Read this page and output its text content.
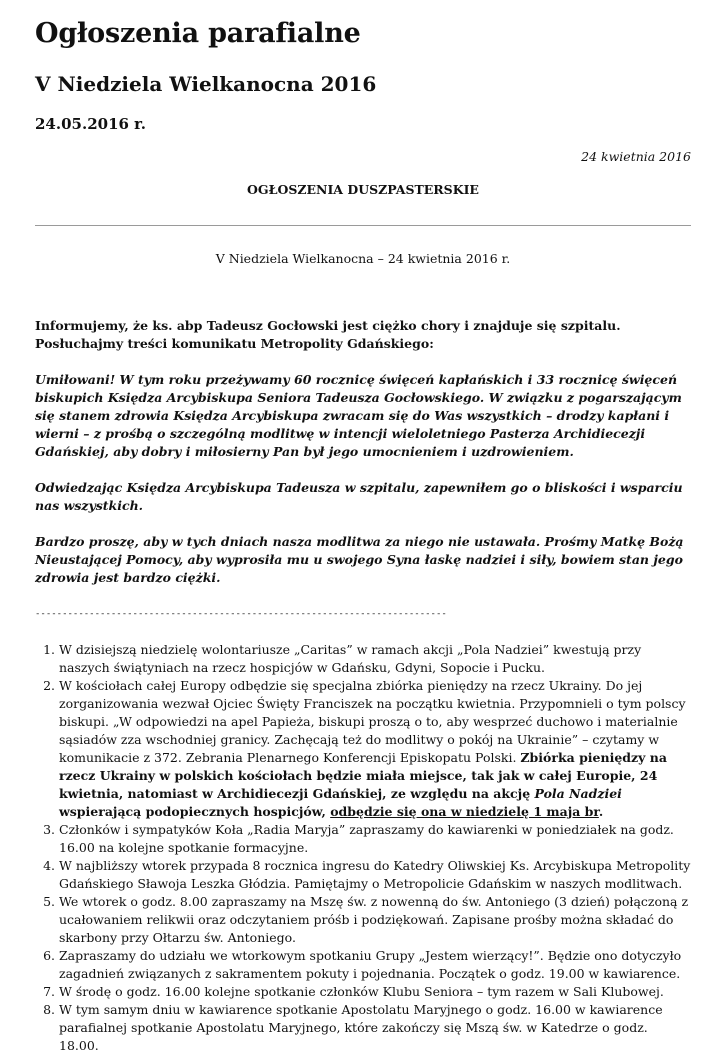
Ogłoszenia parafialne
V Niedziela Wielkanocna 2016
24.05.2016 r.
24 kwietnia 2016
OGŁOSZENIA DUSZPASTERSKIE
V Niedziela Wielkanocna – 24 kwietnia 2016 r.

Informujemy, że ks. abp Tadeusz Gocłowski jest ciężko chory i znajduje się szpitalu. Posłuchajmy treści komunikatu Metropolity Gdańskiego:

Umiłowani! W tym roku przeżywamy 60 rocznicę święceń kapłańskich i 33 rocznicę święceń biskupich Księdza Arcybiskupa Seniora Tadeusza Gocłowskiego. W związku z pogarszającym się stanem zdrowia Księdza Arcybiskupa zwracam się do Was wszystkich – drodzy kapłani i wierni – z prośbą o szczególną modlitwę w intencji wieloletniego Pasterza Archidiecezji Gdańskiej, aby dobry i miłosierny Pan był jego umocnieniem i uzdrowieniem.

Odwiedzając Księdza Arcybiskupa Tadeusza w szpitalu, zapewniłem go o bliskości i wsparciu nas wszystkich.

Bardzo proszę, aby w tych dniach nasza modlitwa za niego nie ustawała. Prośmy Matkę Bożą Nieustającej Pomocy, aby wyprosiła mu u swojego Syna łaskę nadziei i siły, bowiem stan jego zdrowia jest bardzo ciężki.

----------------------------------------------------------------------------

1. W dzisiejszą niedzielę wolontariusze „Caritas” w ramach akcji „Pola Nadziei” kwestują przy naszych świątyniach na rzecz hospicjów w Gdańsku, Gdyni, Sopocie i Pucku.
2. W kościołach całej Europy odbędzie się specjalna zbiórka pieniędzy na rzecz Ukrainy. Do jej zorganizowania wezwał Ojciec Święty Franciszek na początku kwietnia. Przypomnieli o tym polscy biskupi. „W odpowiedzi na apel Papieża, biskupi proszą o to, aby wesprzeć duchowo i materialnie sąsiadów zza wschodniej granicy. Zachęcają też do modlitwy o pokój na Ukrainie” – czytamy w komunikacie z 372. Zebrania Plenarnego Konferencji Episkopatu Polski. Zbiórka pieniędzy na rzecz Ukrainy w polskich kościołach będzie miała miejsce, tak jak w całej Europie, 24 kwietnia, natomiast w Archidiecezji Gdańskiej, ze względu na akcję Pola Nadziei wspierającą podopiecznych hospicjów, odbędzie się ona w niedzielę 1 maja br.
3. Członków i sympatyków Koła „Radia Maryja” zapraszamy do kawiarenki w poniedziałek na godz. 16.00 na kolejne spotkanie formacyjne.
4. W najbliższy wtorek przypada 8 rocznica ingresu do Katedry Oliwskiej Ks. Arcybiskupa Metropolity Gdańskiego Sławoja Leszka Głódzia. Pamiętajmy o Metropolicie Gdańskim w naszych modlitwach.
5. We wtorek o godz. 8.00 zapraszamy na Mszę św. z nowenną do św. Antoniego (3 dzień) połączoną z ucałowaniem relikwii oraz odczytaniem próśb i podziękowań. Zapisane prośby można składać do skarbony przy Ołtarzu św. Antoniego.
6. Zapraszamy do udziału we wtorkowym spotkaniu Grupy „Jestem wierzący!”. Będzie ono dotyczyło zagadnień związanych z sakramentem pokuty i pojednania. Początek o godz. 19.00 w kawiarence.
7. W środę o godz. 16.00 kolejne spotkanie członków Klubu Seniora – tym razem w Sali Klubowej.
8. W tym samym dniu w kawiarence spotkanie Apostolatu Maryjnego o godz. 16.00 w kawiarence parafialnej spotkanie Apostolatu Maryjnego, które zakończy się Mszą św. w Katedrze o godz. 18.00.
